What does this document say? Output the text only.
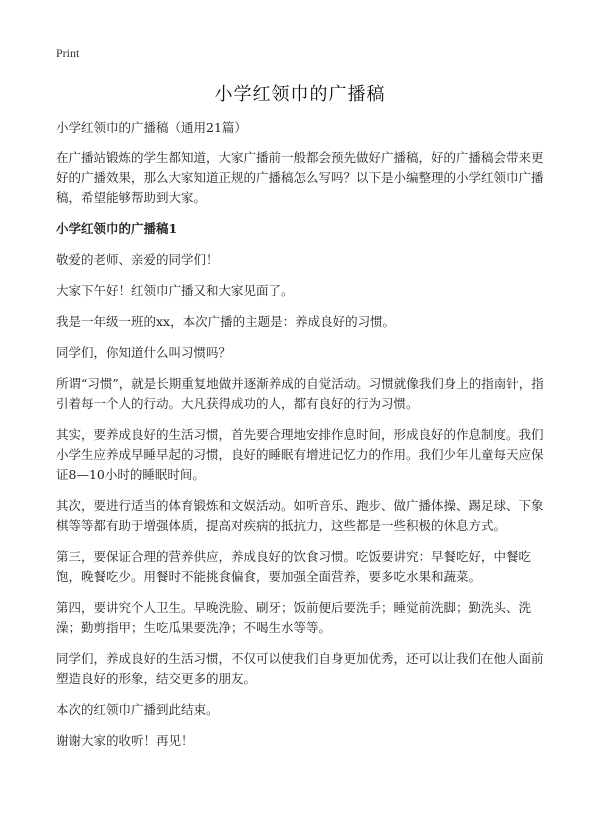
Print
小学红领巾的广播稿

小学红领巾的广播稿（通用21篇）

在广播站锻炼的学生都知道，大家广播前一般都会预先做好广播稿，好的广播稿会带来更好的广播效果，那么大家知道正规的广播稿怎么写吗？以下是小编整理的小学红领巾广播稿，希望能够帮助到大家。

小学红领巾的广播稿1

敬爱的老师、亲爱的同学们！

大家下午好！红领巾广播又和大家见面了。

我是一年级一班的xx，本次广播的主题是：养成良好的习惯。

同学们，你知道什么叫习惯吗？

所谓“习惯”，就是长期重复地做并逐渐养成的自觉活动。习惯就像我们身上的指南针，指引着每一个人的行动。大凡获得成功的人，都有良好的行为习惯。

其实，要养成良好的生活习惯，首先要合理地安排作息时间，形成良好的作息制度。我们小学生应养成早睡早起的习惯，良好的睡眠有增进记忆力的作用。我们少年儿童每天应保证8—10小时的睡眠时间。

其次，要进行适当的体育锻炼和文娱活动。如听音乐、跑步、做广播体操、踢足球、下象棋等等都有助于增强体质，提高对疾病的抵抗力，这些都是一些积极的休息方式。

第三，要保证合理的营养供应，养成良好的饮食习惯。吃饭要讲究：早餐吃好，中餐吃饱，晚餐吃少。用餐时不能挑食偏食，要加强全面营养，要多吃水果和蔬菜。

第四，要讲究个人卫生。早晚洗脸、刷牙；饭前便后要洗手；睡觉前洗脚；勤洗头、洗澡；勤剪指甲；生吃瓜果要洗净；不喝生水等等。

同学们，养成良好的生活习惯，不仅可以使我们自身更加优秀，还可以让我们在他人面前塑造良好的形象，结交更多的朋友。

本次的红领巾广播到此结束。

谢谢大家的收听！再见！
